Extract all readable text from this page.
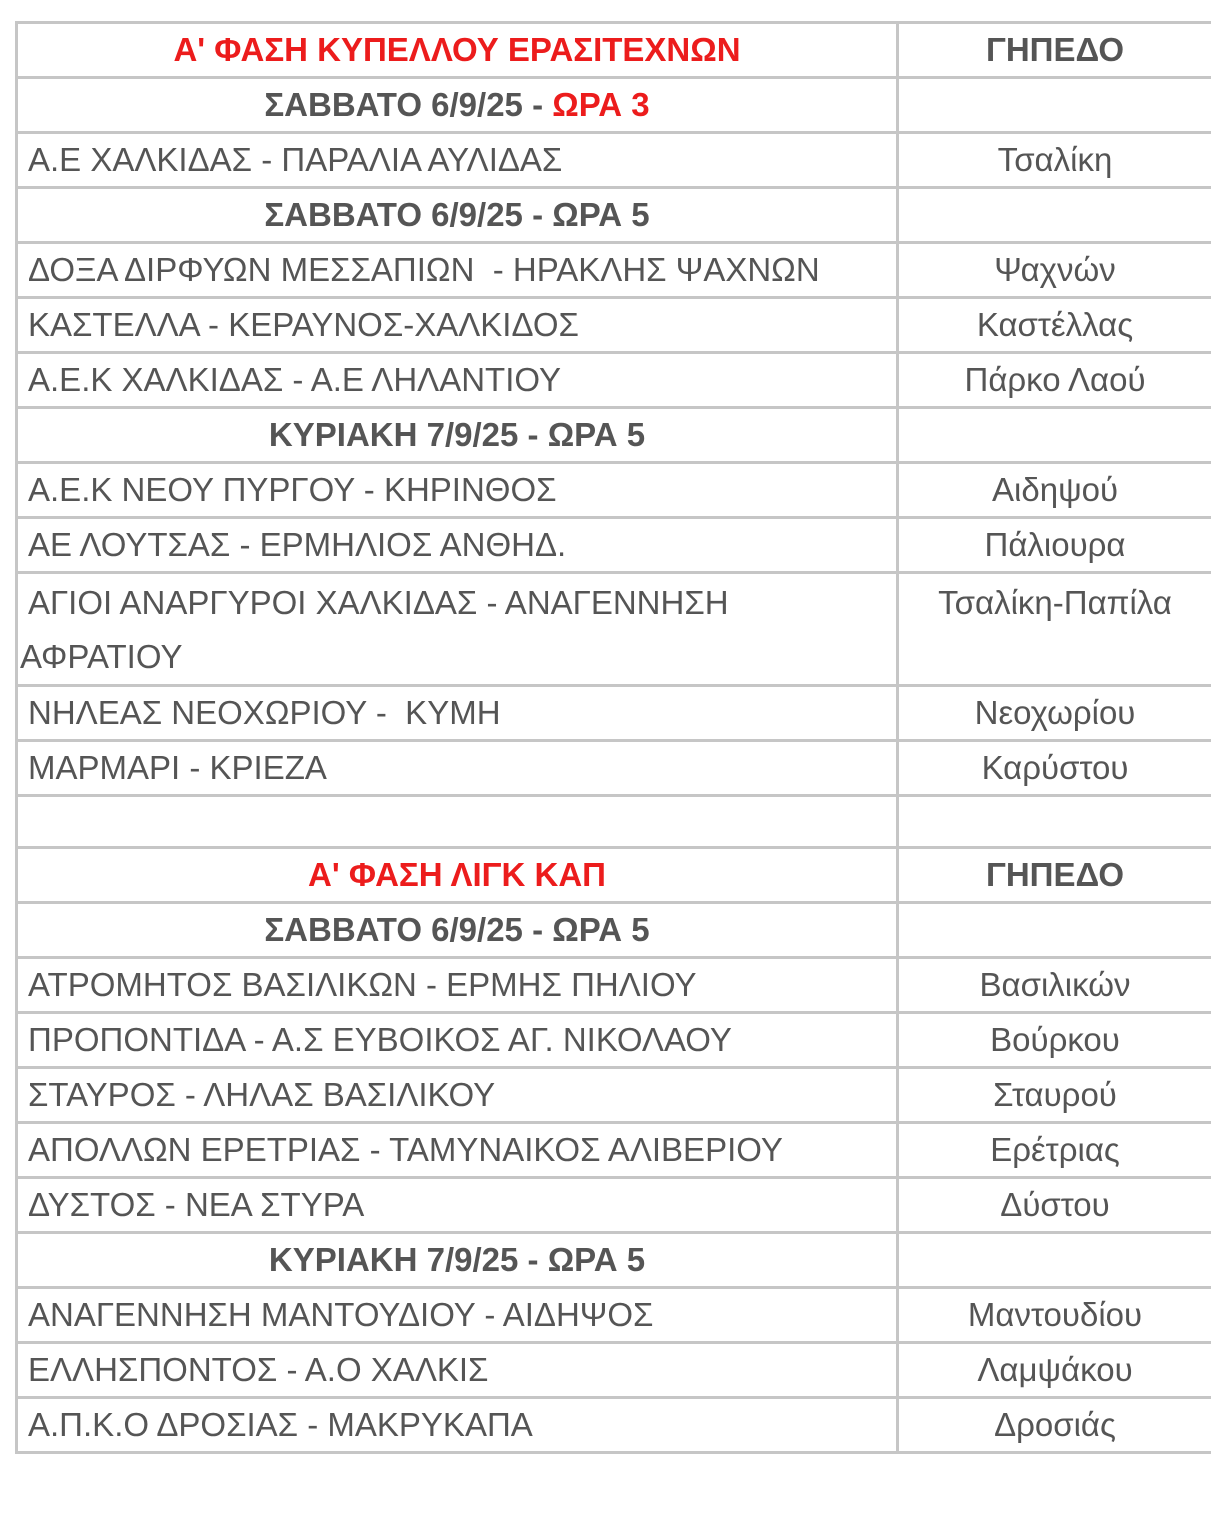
Α' ΦΑΣΗ ΚΥΠΕΛΛΟΥ ΕΡΑΣΙΤΕΧΝΩΝ	ΓΗΠΕΔΟ
ΣΑΒΒΑΤΟ 6/9/25 - ΩΡΑ 3	
Α.Ε ΧΑΛΚΙΔΑΣ - ΠΑΡΑΛΙΑ ΑΥΛΙΔΑΣ	Τσαλίκη
ΣΑΒΒΑΤΟ 6/9/25 - ΩΡΑ 5	
ΔΟΞΑ ΔΙΡΦΥΩΝ ΜΕΣΣΑΠΙΩΝ  - ΗΡΑΚΛΗΣ ΨΑΧΝΩΝ	Ψαχνών
ΚΑΣΤΕΛΛΑ - ΚΕΡΑΥΝΟΣ-ΧΑΛΚΙΔΟΣ	Καστέλλας
Α.Ε.Κ ΧΑΛΚΙΔΑΣ - Α.Ε ΛΗΛΑΝΤΙΟΥ	Πάρκο Λαού
ΚΥΡΙΑΚΗ 7/9/25 - ΩΡΑ 5	
Α.Ε.Κ ΝΕΟΥ ΠΥΡΓΟΥ - ΚΗΡΙΝΘΟΣ	Αιδηψού
ΑΕ ΛΟΥΤΣΑΣ - ΕΡΜΗΛΙΟΣ ΑΝΘΗΔ.	Πάλιουρα

ΑΓΙΟΙ ΑΝΑΡΓΥΡΟΙ ΧΑΛΚΙΔΑΣ - ΑΝΑΓΕΝΝΗΣΗ ΑΦΡΑΤΙΟΥ	Τσαλίκη-Παπίλα
ΝΗΛΕΑΣ ΝΕΟΧΩΡΙΟΥ -  ΚΥΜΗ	Νεοχωρίου
ΜΑΡΜΑΡΙ - ΚΡΙΕΖΑ	Καρύστου

Α' ΦΑΣΗ ΛΙΓΚ ΚΑΠ	ΓΗΠΕΔΟ
ΣΑΒΒΑΤΟ 6/9/25 - ΩΡΑ 5	
ΑΤΡΟΜΗΤΟΣ ΒΑΣΙΛΙΚΩΝ - ΕΡΜΗΣ ΠΗΛΙΟΥ	Βασιλικών
ΠΡΟΠΟΝΤΙΔΑ - Α.Σ ΕΥΒΟΙΚΟΣ ΑΓ. ΝΙΚΟΛΑΟΥ	Βούρκου
ΣΤΑΥΡΟΣ - ΛΗΛΑΣ ΒΑΣΙΛΙΚΟΥ	Σταυρού
ΑΠΟΛΛΩΝ ΕΡΕΤΡΙΑΣ - ΤΑΜΥΝΑΙΚΟΣ ΑΛΙΒΕΡΙΟΥ	Ερέτριας
ΔΥΣΤΟΣ - ΝΕΑ ΣΤΥΡΑ	Δύστου
ΚΥΡΙΑΚΗ 7/9/25 - ΩΡΑ 5	
ΑΝΑΓΕΝΝΗΣΗ ΜΑΝΤΟΥΔΙΟΥ - ΑΙΔΗΨΟΣ	Μαντουδίου
ΕΛΛΗΣΠΟΝΤΟΣ - Α.Ο ΧΑΛΚΙΣ	Λαμψάκου
Α.Π.Κ.Ο ΔΡΟΣΙΑΣ - ΜΑΚΡΥΚΑΠΑ	Δροσιάς
